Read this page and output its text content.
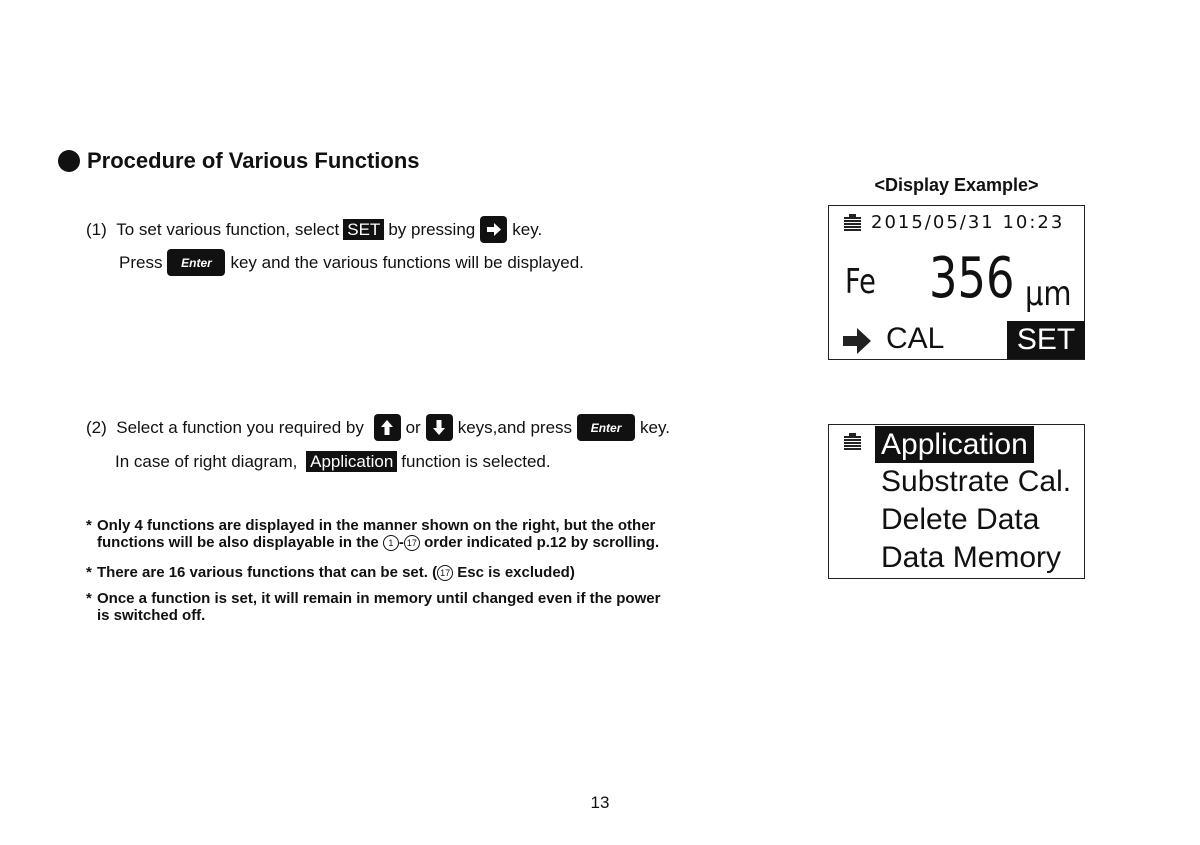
Procedure of Various Functions
(1)
To set various function, select SET by pressing key.
Press	Enter	key and the various functions will be displayed.
(2)
Select a function you required by
or keys,and press	Enter	key.
In case of right diagram,
Application function is selected.
* Only 4 functions are displayed in the manner shown on the right, but the other
functions will be also displayable in the 1 - 17 order indicated p.12 by scrolling.
* There are 16 various functions that can be set. ( 17 Esc is excluded)
* Once a function is set, it will remain in memory until changed even if the power
is switched off.
<Display Example>
2015/05/31 10:23
Fe 356 μm
CAL	SET
Application
Substrate Cal.
Delete Data
Data Memory
13
